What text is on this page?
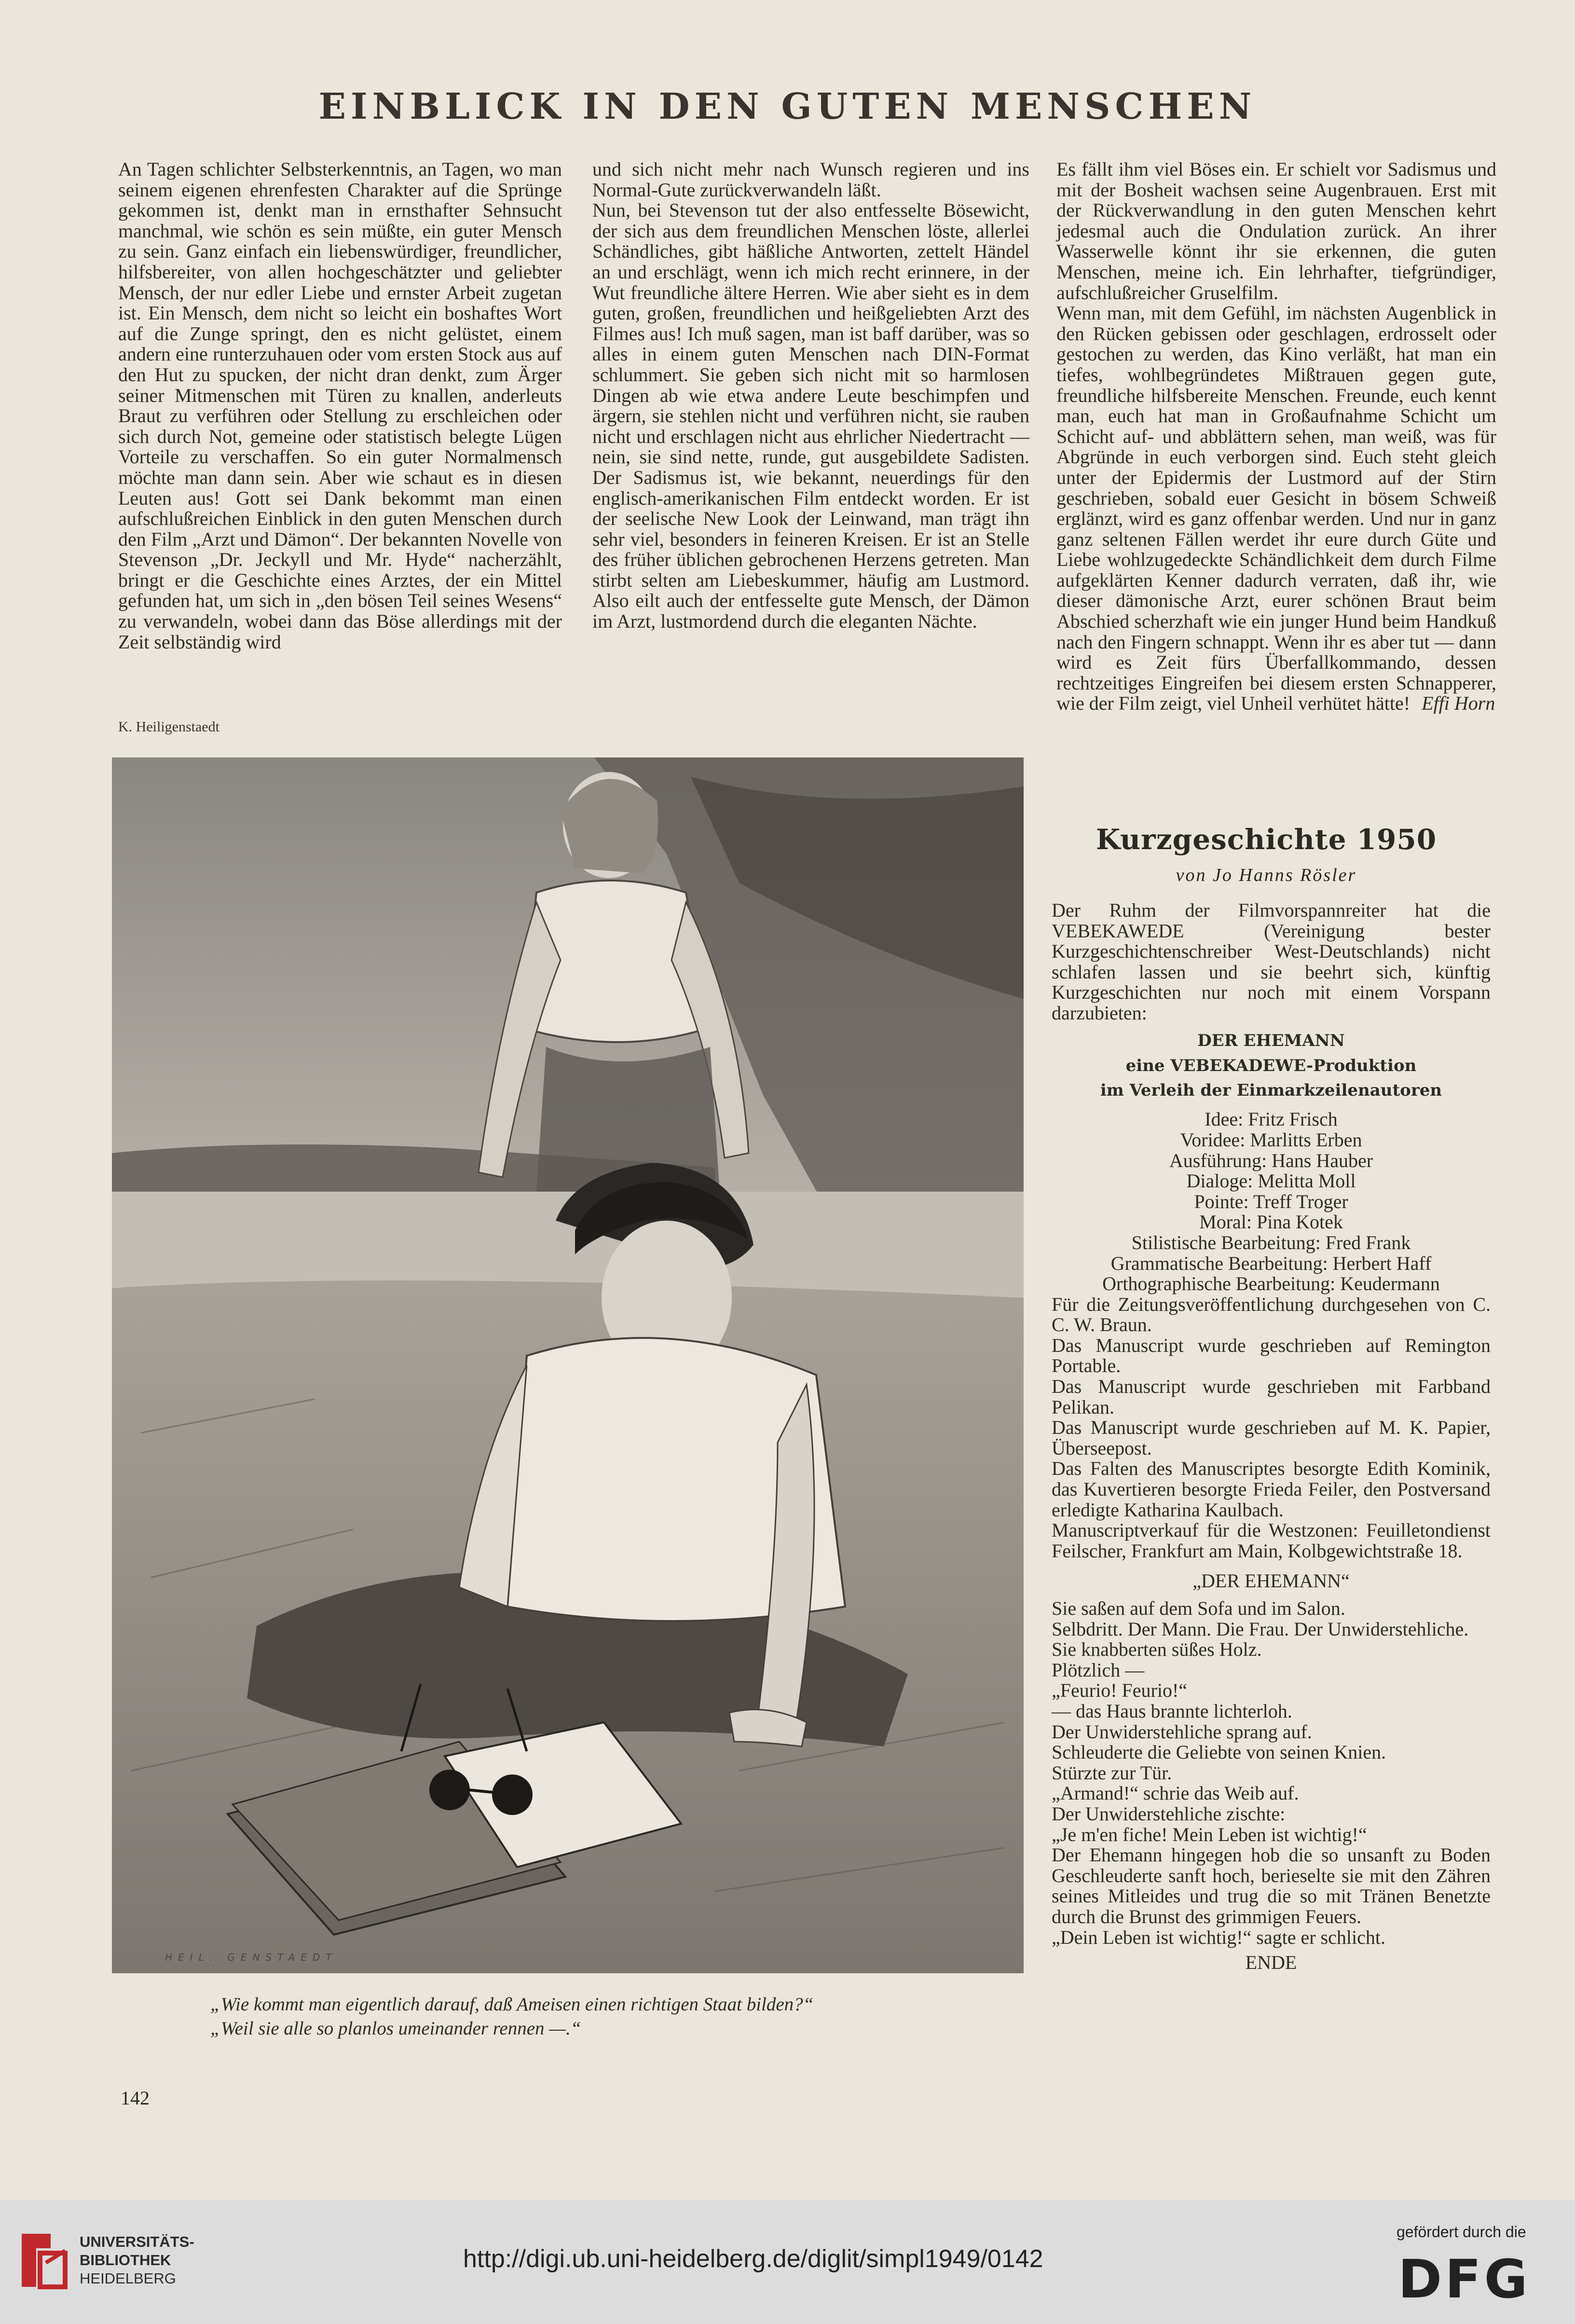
EINBLICK IN DEN GUTEN MENSCHEN

An Tagen schlichter Selbsterkenntnis, an Tagen, wo man seinem eigenen ehrenfesten Charakter auf die Sprünge gekommen ist, denkt man in ernsthafter Sehnsucht manchmal, wie schön es sein müßte, ein guter Mensch zu sein. Ganz einfach ein liebenswürdiger, freundlicher, hilfsbereiter, von allen hochgeschätzter und geliebter Mensch, der nur edler Liebe und ernster Arbeit zugetan ist. Ein Mensch, dem nicht so leicht ein boshaftes Wort auf die Zunge springt, den es nicht gelüstet, einem andern eine runterzuhauen oder vom ersten Stock aus auf den Hut zu spucken, der nicht dran denkt, zum Ärger seiner Mitmenschen mit Türen zu knallen, anderleuts Braut zu verführen oder Stellung zu erschleichen oder sich durch Not, gemeine oder statistisch belegte Lügen Vorteile zu verschaffen. So ein guter Normalmensch möchte man dann sein. Aber wie schaut es in diesen Leuten aus! Gott sei Dank bekommt man einen aufschlußreichen Einblick in den guten Menschen durch den Film „Arzt und Dämon“. Der bekannten Novelle von Stevenson „Dr. Jeckyll und Mr. Hyde“ nacherzählt, bringt er die Geschichte eines Arztes, der ein Mittel gefunden hat, um sich in „den bösen Teil seines Wesens“ zu verwandeln, wobei dann das Böse allerdings mit der Zeit selbständig wird

und sich nicht mehr nach Wunsch regieren und ins Normal-Gute zurückverwandeln läßt.

Nun, bei Stevenson tut der also entfesselte Bösewicht, der sich aus dem freundlichen Menschen löste, allerlei Schändliches, gibt häßliche Antworten, zettelt Händel an und erschlägt, wenn ich mich recht erinnere, in der Wut freundliche ältere Herren. Wie aber sieht es in dem guten, großen, freundlichen und heißgeliebten Arzt des Filmes aus! Ich muß sagen, man ist baff darüber, was so alles in einem guten Menschen nach DIN-Format schlummert. Sie geben sich nicht mit so harmlosen Dingen ab wie etwa andere Leute beschimpfen und ärgern, sie stehlen nicht und verführen nicht, sie rauben nicht und erschlagen nicht aus ehrlicher Niedertracht — nein, sie sind nette, runde, gut ausgebildete Sadisten. Der Sadismus ist, wie bekannt, neuerdings für den englisch-amerikanischen Film entdeckt worden. Er ist der seelische New Look der Leinwand, man trägt ihn sehr viel, besonders in feineren Kreisen. Er ist an Stelle des früher üblichen gebrochenen Herzens getreten. Man stirbt selten am Liebeskummer, häufig am Lustmord. Also eilt auch der entfesselte gute Mensch, der Dämon im Arzt, lustmordend durch die eleganten Nächte.

Es fällt ihm viel Böses ein. Er schielt vor Sadismus und mit der Bosheit wachsen seine Augenbrauen. Erst mit der Rückverwandlung in den guten Menschen kehrt jedesmal auch die Ondulation zurück. An ihrer Wasserwelle könnt ihr sie erkennen, die guten Menschen, meine ich. Ein lehrhafter, tiefgründiger, aufschlußreicher Gruselfilm.

Wenn man, mit dem Gefühl, im nächsten Augenblick in den Rücken gebissen oder geschlagen, erdrosselt oder gestochen zu werden, das Kino verläßt, hat man ein tiefes, wohlbegründetes Mißtrauen gegen gute, freundliche hilfsbereite Menschen. Freunde, euch kennt man, euch hat man in Großaufnahme Schicht um Schicht auf- und abblättern sehen, man weiß, was für Abgründe in euch verborgen sind. Euch steht gleich unter der Epidermis der Lustmord auf der Stirn geschrieben, sobald euer Gesicht in bösem Schweiß erglänzt, wird es ganz offenbar werden. Und nur in ganz ganz seltenen Fällen werdet ihr eure durch Güte und Liebe wohlzugedeckte Schändlichkeit dem durch Filme aufgeklärten Kenner dadurch verraten, daß ihr, wie dieser dämonische Arzt, eurer schönen Braut beim Abschied scherzhaft wie ein junger Hund beim Handkuß nach den Fingern schnappt. Wenn ihr es aber tut — dann wird es Zeit fürs Überfallkommando, dessen rechtzeitiges Eingreifen bei diesem ersten Schnapperer, wie der Film zeigt, viel Unheil verhütet hätte! Effi Horn

K. Heiligenstaedt
HEIL. GENSTAEDT
„Wie kommt man eigentlich darauf, daß Ameisen einen richtigen Staat bilden?“
„Weil sie alle so planlos umeinander rennen —.“
142
Kurzgeschichte 1950
von Jo Hanns Rösler

Der Ruhm der Filmvorspannreiter hat die VEBEKAWEDE (Vereinigung bester Kurzgeschichtenschreiber West-Deutschlands) nicht schlafen lassen und sie beehrt sich, künftig Kurzgeschichten nur noch mit einem Vorspann darzubieten:

DER EHEMANN

eine VEBEKADEWE-Produktion

im Verleih der Einmarkzeilenautoren

Idee: Fritz Frisch

Voridee: Marlitts Erben

Ausführung: Hans Hauber

Dialoge: Melitta Moll

Pointe: Treff Troger

Moral: Pina Kotek

Stilistische Bearbeitung: Fred Frank

Grammatische Bearbeitung: Herbert Haff

Orthographische Bearbeitung: Keudermann

Für die Zeitungsveröffentlichung durchgesehen von C. C. W. Braun.

Das Manuscript wurde geschrieben auf Remington Portable.

Das Manuscript wurde geschrieben mit Farbband Pelikan.

Das Manuscript wurde geschrieben auf M. K. Papier, Überseepost.

Das Falten des Manuscriptes besorgte Edith Kominik, das Kuvertieren besorgte Frieda Feiler, den Postversand erledigte Katharina Kaulbach.

Manuscriptverkauf für die Westzonen: Feuilletondienst Feilscher, Frankfurt am Main, Kolbgewichtstraße 18.

„DER EHEMANN“

Sie saßen auf dem Sofa und im Salon.

Selbdritt. Der Mann. Die Frau. Der Unwiderstehliche.

Sie knabberten süßes Holz.

Plötzlich —

„Feurio! Feurio!“

— das Haus brannte lichterloh.

Der Unwiderstehliche sprang auf.

Schleuderte die Geliebte von seinen Knien.

Stürzte zur Tür.

„Armand!“ schrie das Weib auf.

Der Unwiderstehliche zischte:

„Je m'en fiche! Mein Leben ist wichtig!“

Der Ehemann hingegen hob die so unsanft zu Boden Geschleuderte sanft hoch, berieselte sie mit den Zähren seines Mitleides und trug die so mit Tränen Benetzte durch die Brunst des grimmigen Feuers.

„Dein Leben ist wichtig!“ sagte er schlicht.

ENDE

UNIVERSITÄTS-
BIBLIOTHEK
HEIDELBERG
http://digi.ub.uni-heidelberg.de/diglit/simpl1949/0142
gefördert durch die
DFG
